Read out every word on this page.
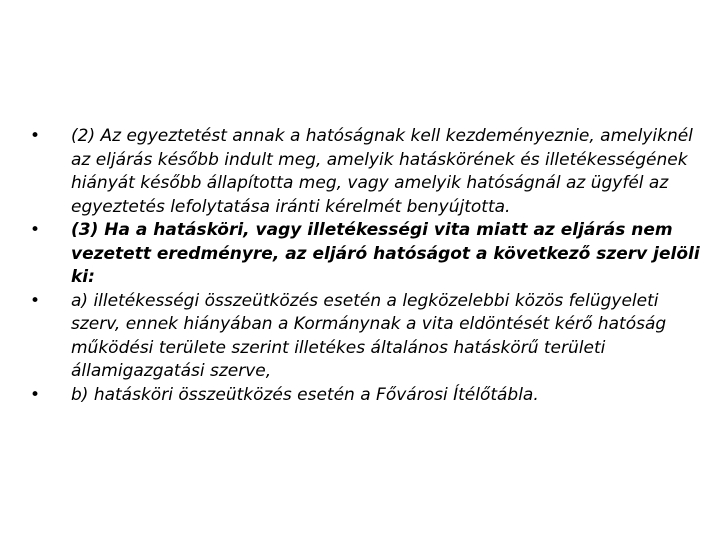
•	(2) Az egyeztetést annak a hatóságnak kell kezdeményeznie, amelyiknél az eljárás később indult meg, amelyik hatáskörének és illetékességének hiányát később állapította meg, vagy amelyik hatóságnál az ügyfél az egyeztetés lefolytatása iránti kérelmét benyújtotta.
•	(3) Ha a hatásköri, vagy illetékességi vita miatt az eljárás nem vezetett eredményre, az eljáró hatóságot a következő szerv jelöli ki:
•	a) illetékességi összeütközés esetén a legközelebbi közös felügyeleti szerv, ennek hiányában a Kormánynak a vita eldöntését kérő hatóság működési területe szerint illetékes általános hatáskörű területi államigazgatási szerve,
•	b) hatásköri összeütközés esetén a Fővárosi Ítélőtábla.
